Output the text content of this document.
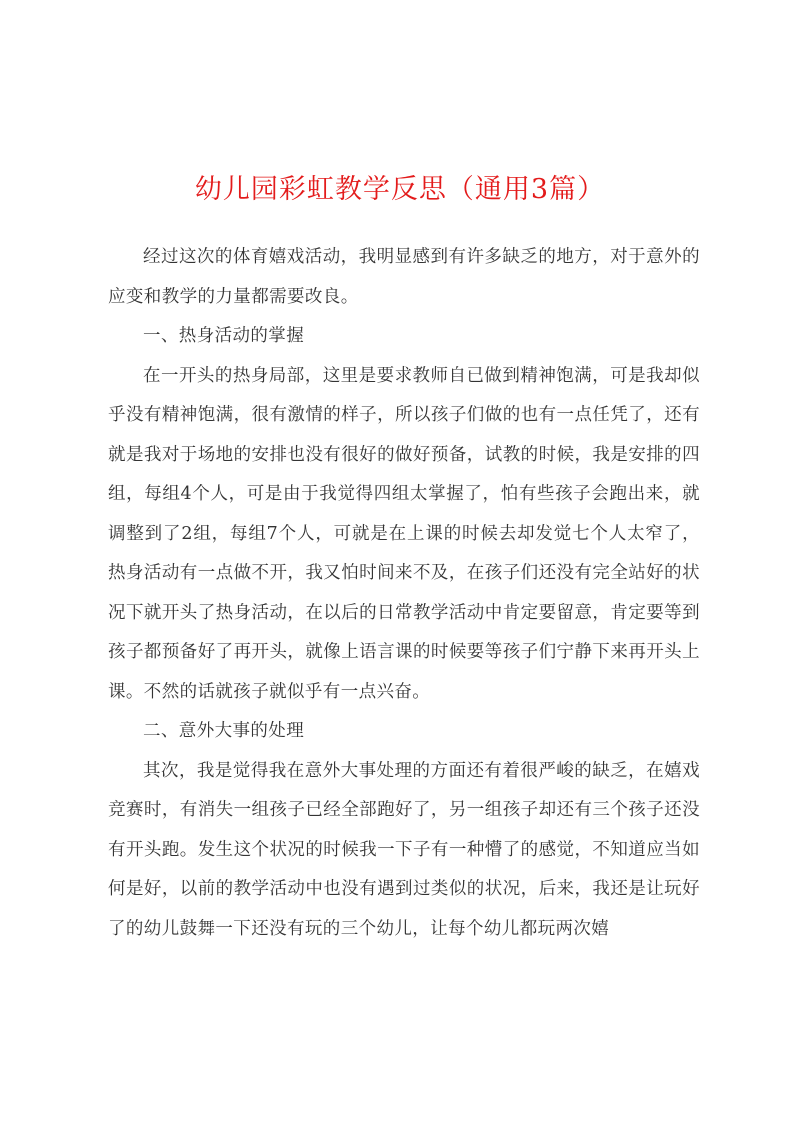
幼儿园彩虹教学反思（通用3篇）

经过这次的体育嬉戏活动，我明显感到有许多缺乏的地方，对于意外的应变和教学的力量都需要改良。

一、热身活动的掌握

在一开头的热身局部，这里是要求教师自已做到精神饱满，可是我却似乎没有精神饱满，很有激情的样子，所以孩子们做的也有一点任凭了，还有就是我对于场地的安排也没有很好的做好预备，试教的时候，我是安排的四组，每组4个人，可是由于我觉得四组太掌握了，怕有些孩子会跑出来，就调整到了2组，每组7个人，可就是在上课的时候去却发觉七个人太窄了，热身活动有一点做不开，我又怕时间来不及，在孩子们还没有完全站好的状况下就开头了热身活动，在以后的日常教学活动中肯定要留意，肯定要等到孩子都预备好了再开头，就像上语言课的时候要等孩子们宁静下来再开头上课。不然的话就孩子就似乎有一点兴奋。

二、意外大事的处理

其次，我是觉得我在意外大事处理的方面还有着很严峻的缺乏，在嬉戏竞赛时，有消失一组孩子已经全部跑好了，另一组孩子却还有三个孩子还没有开头跑。发生这个状况的时候我一下子有一种懵了的感觉，不知道应当如何是好，以前的教学活动中也没有遇到过类似的状况，后来，我还是让玩好了的幼儿鼓舞一下还没有玩的三个幼儿，让每个幼儿都玩两次嬉
